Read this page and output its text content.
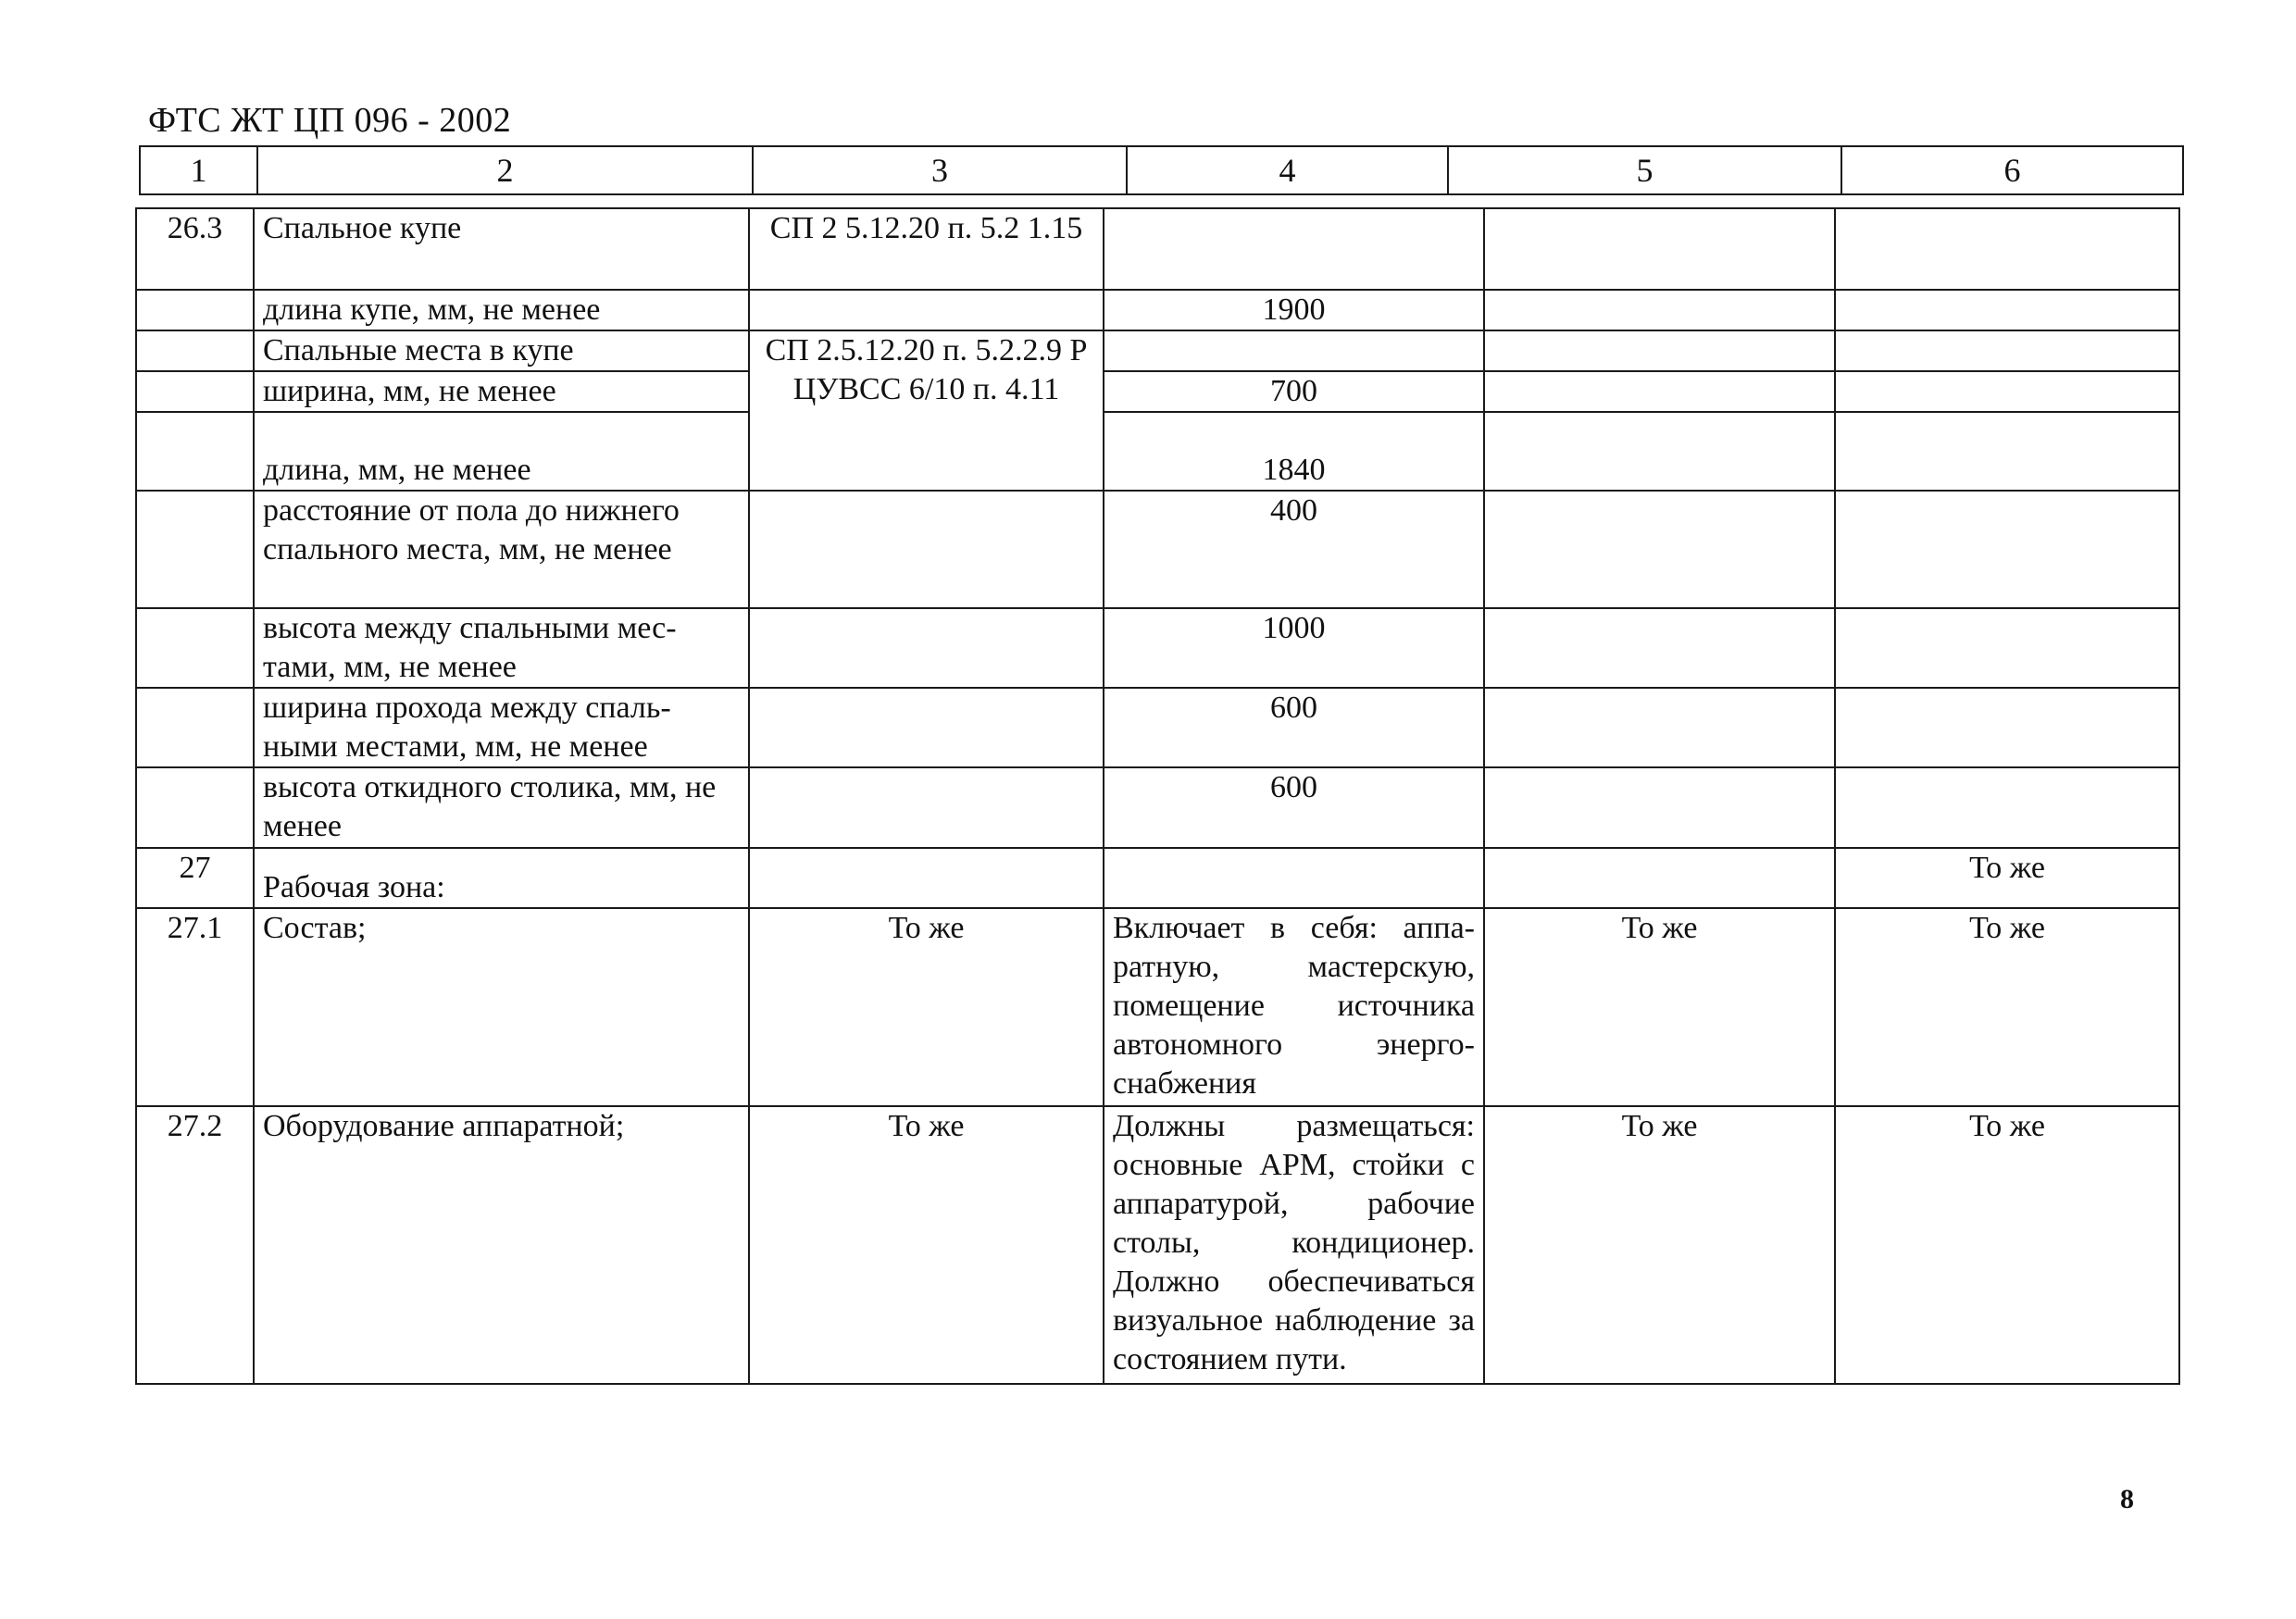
ФТС ЖТ ЦП 096 - 2002
1	2	3	4	5	6
26.3	Спальное купе	СП 2 5.12.20 п. 5.2 1.15			
	длина купе, мм, не менее		1900		
	Спальные места в купе	СП 2.5.12.20 п. 5.2.2.9 Р ЦУВСС 6/10 п. 4.11			
	ширина, мм, не менее		700		
	длина, мм, не менее		1840		
	расстояние от пола до нижнего спального места, мм, не менее		400		
	высота между спальными мес-тами, мм, не менее		1000		
	ширина прохода между спаль-ными местами, мм, не менее		600		
	высота откидного столика, мм, не менее		600		
27	Рабочая зона:				То же
27.1	Состав;	То же	Включает в себя: аппа-ратную, мастерскую, помещение источника автономного энерго-снабжения	То же	То же
27.2	Оборудование аппаратной;	То же	Должны размещаться: основные АРМ, стойки с аппаратурой, рабочие столы, кондиционер. Должно обеспечиваться визуальное наблюдение за состоянием пути.	То же	То же
8
